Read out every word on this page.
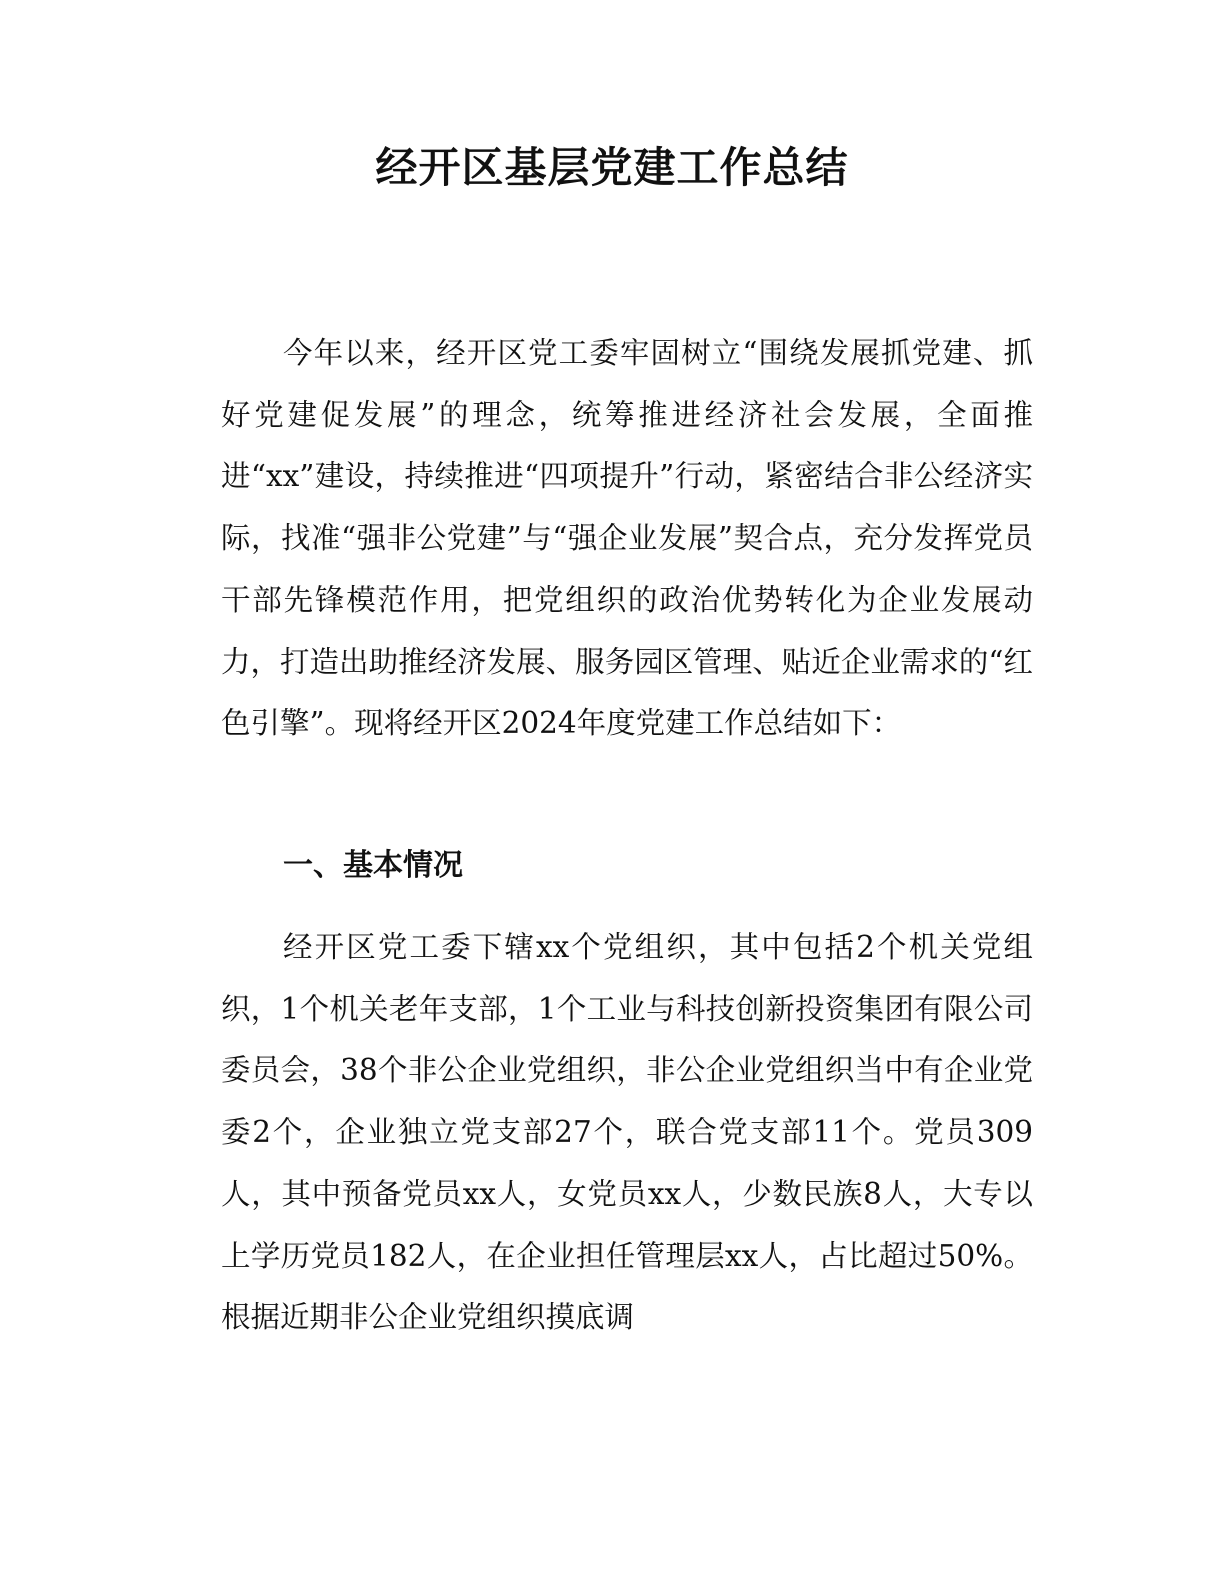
经开区基层党建工作总结

今年以来，经开区党工委牢固树立“围绕发展抓党建、抓好党建促发展”的理念，统筹推进经济社会发展，全面推进“xx”建设，持续推进“四项提升”行动，紧密结合非公经济实际，找准“强非公党建”与“强企业发展”契合点，充分发挥党员干部先锋模范作用，把党组织的政治优势转化为企业发展动力，打造出助推经济发展、服务园区管理、贴近企业需求的“红色引擎”。现将经开区2024年度党建工作总结如下：

一、基本情况

经开区党工委下辖xx个党组织，其中包括2个机关党组织，1个机关老年支部，1个工业与科技创新投资集团有限公司委员会，38个非公企业党组织，非公企业党组织当中有企业党委2个，企业独立党支部27个，联合党支部11个。党员309人，其中预备党员xx人，女党员xx人，少数民族8人，大专以上学历党员182人，在企业担任管理层xx人，占比超过50%。根据近期非公企业党组织摸底调
